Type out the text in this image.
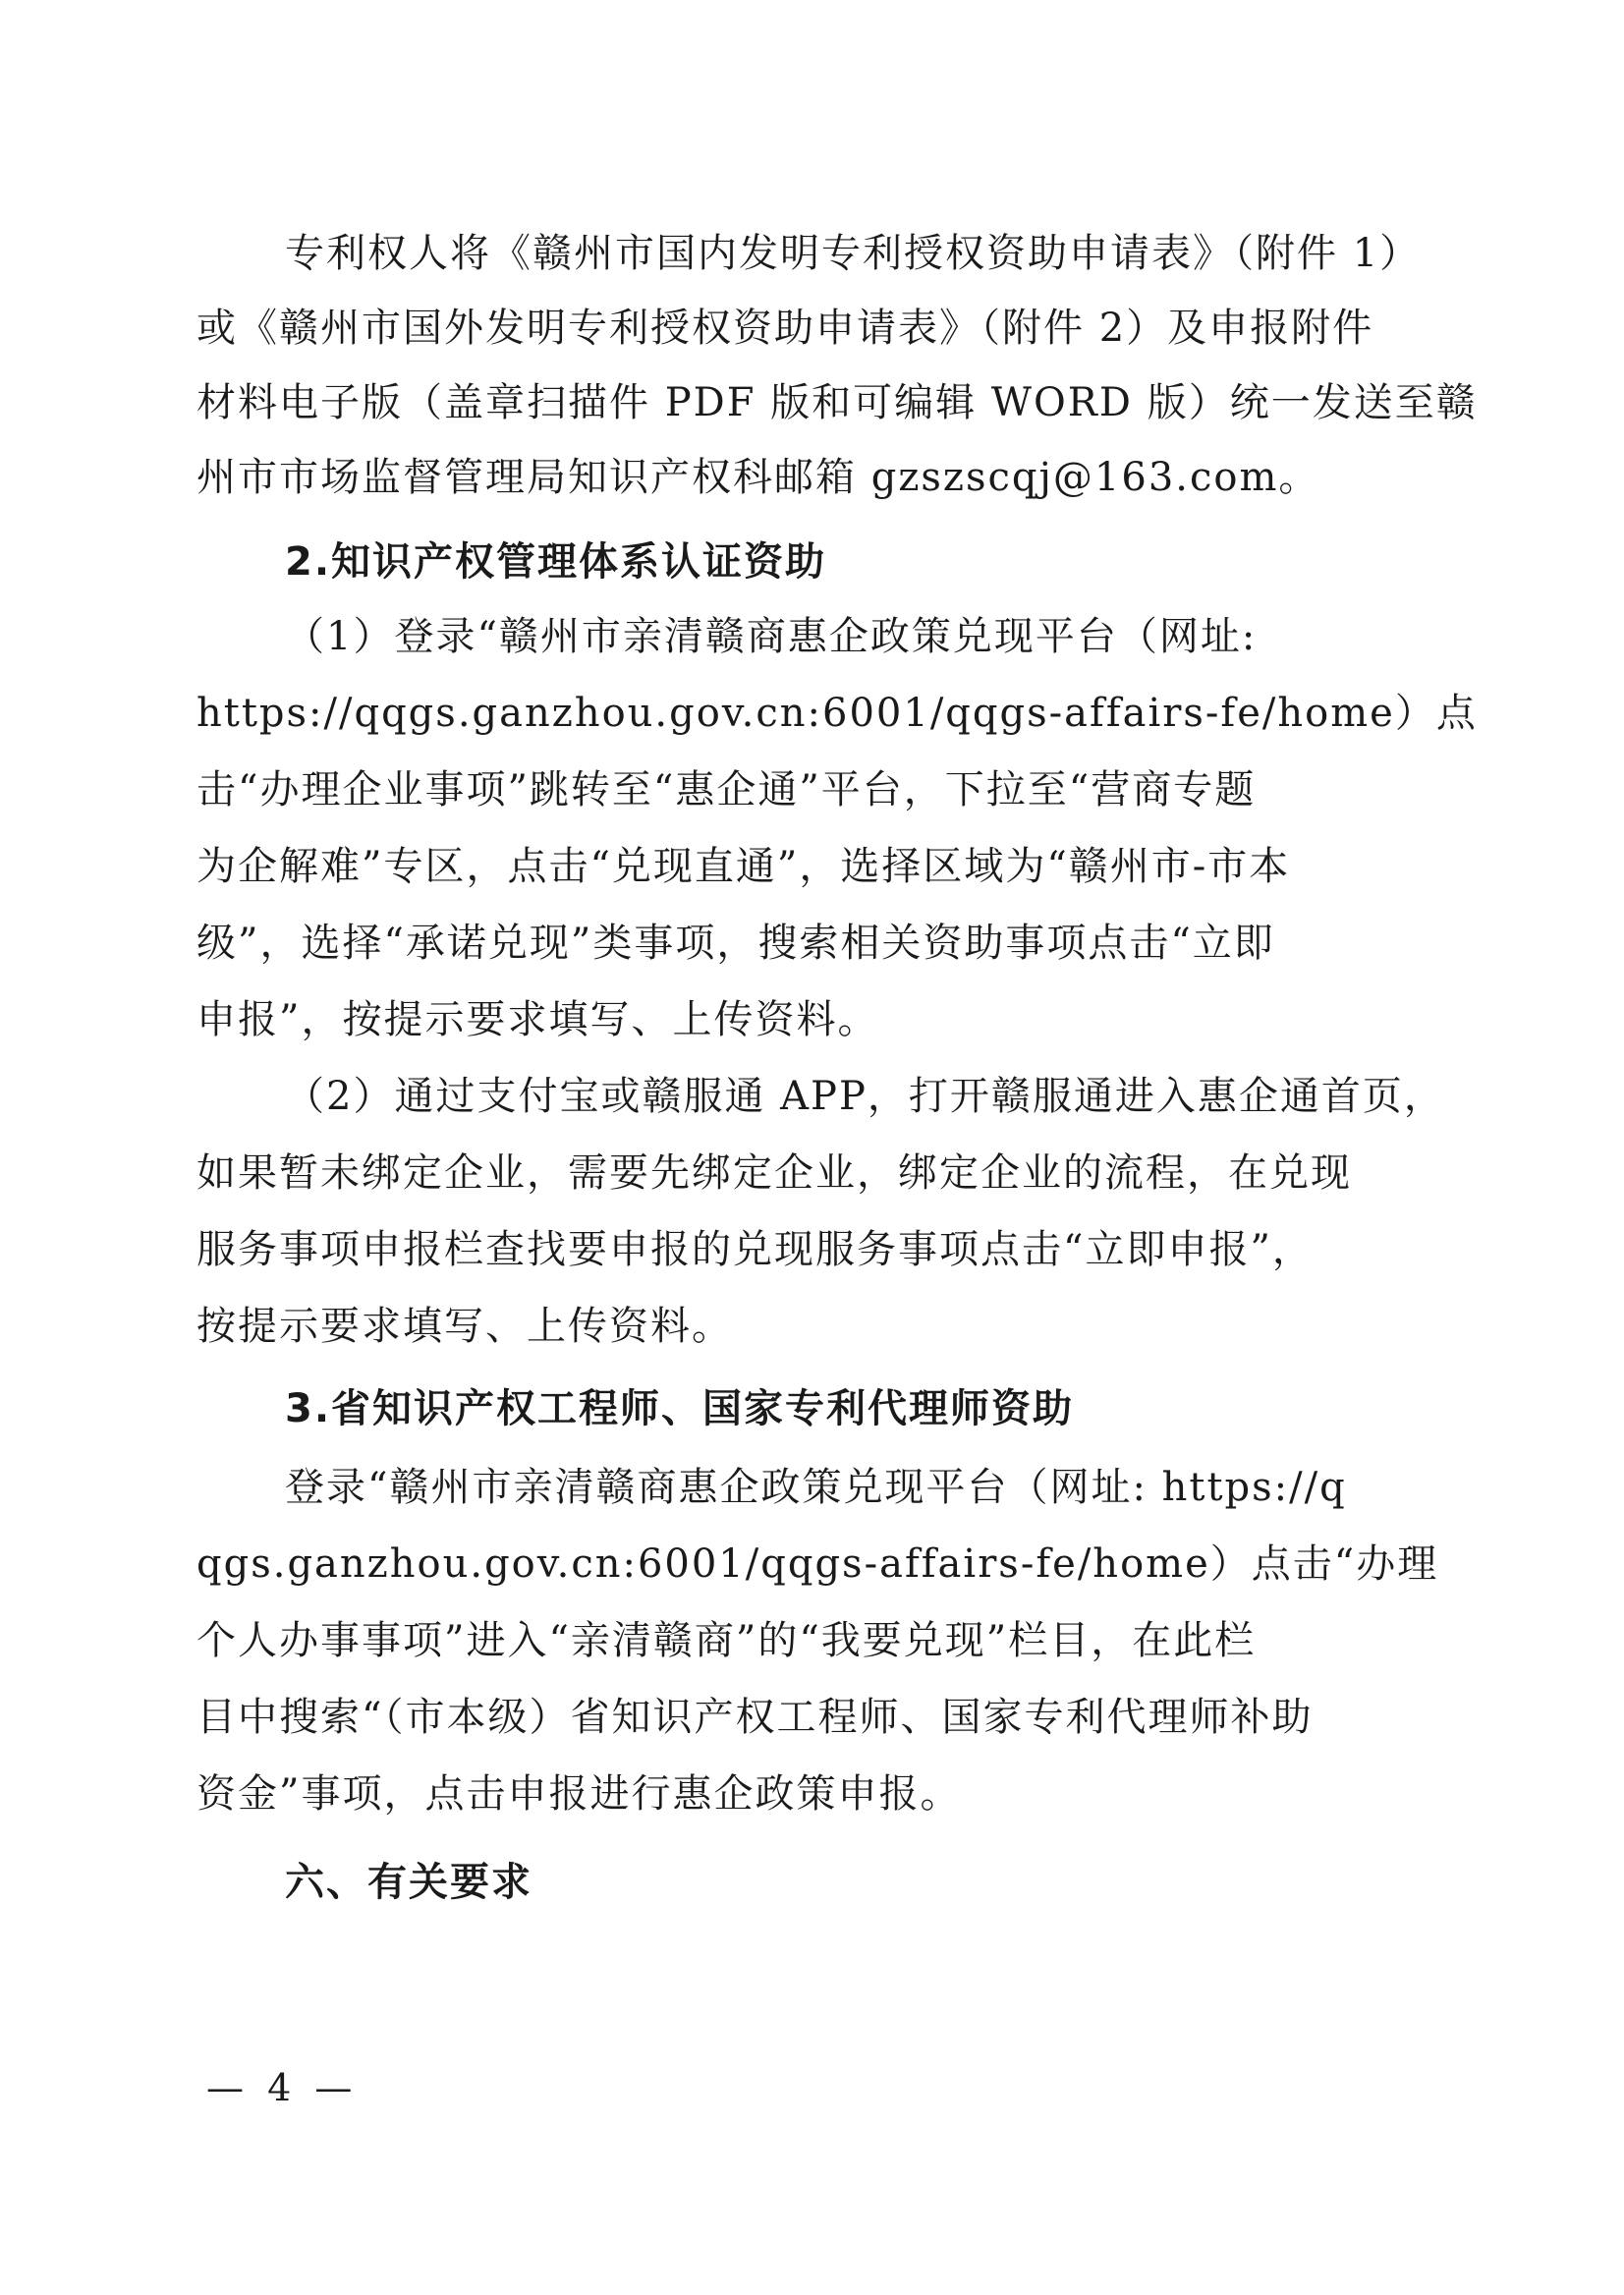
专利权人将《赣州市国内发明专利授权资助申请表》（附件 1）
或《赣州市国外发明专利授权资助申请表》（附件 2）及申报附件
材料电子版（盖章扫描件 PDF 版和可编辑 WORD 版）统一发送至赣
州市市场监督管理局知识产权科邮箱 gzszscqj@163.com。
2.知识产权管理体系认证资助
（1）登录“赣州市亲清赣商惠企政策兑现平台（网址:
https://qqgs.ganzhou.gov.cn:6001/qqgs-affairs-fe/home）点
击“办理企业事项”跳转至“惠企通”平台，下拉至“营商专题
为企解难”专区，点击“兑现直通”，选择区域为“赣州市-市本
级”，选择“承诺兑现”类事项，搜索相关资助事项点击“立即
申报”，按提示要求填写、上传资料。
（2）通过支付宝或赣服通 APP，打开赣服通进入惠企通首页，
如果暂未绑定企业，需要先绑定企业，绑定企业的流程，在兑现
服务事项申报栏查找要申报的兑现服务事项点击“立即申报”，
按提示要求填写、上传资料。
3.省知识产权工程师、国家专利代理师资助
登录“赣州市亲清赣商惠企政策兑现平台（网址: https://q
qgs.ganzhou.gov.cn:6001/qqgs-affairs-fe/home）点击“办理
个人办事事项”进入“亲清赣商”的“我要兑现”栏目，在此栏
目中搜索“（市本级）省知识产权工程师、国家专利代理师补助
资金”事项，点击申报进行惠企政策申报。
六、有关要求
— 4 —
